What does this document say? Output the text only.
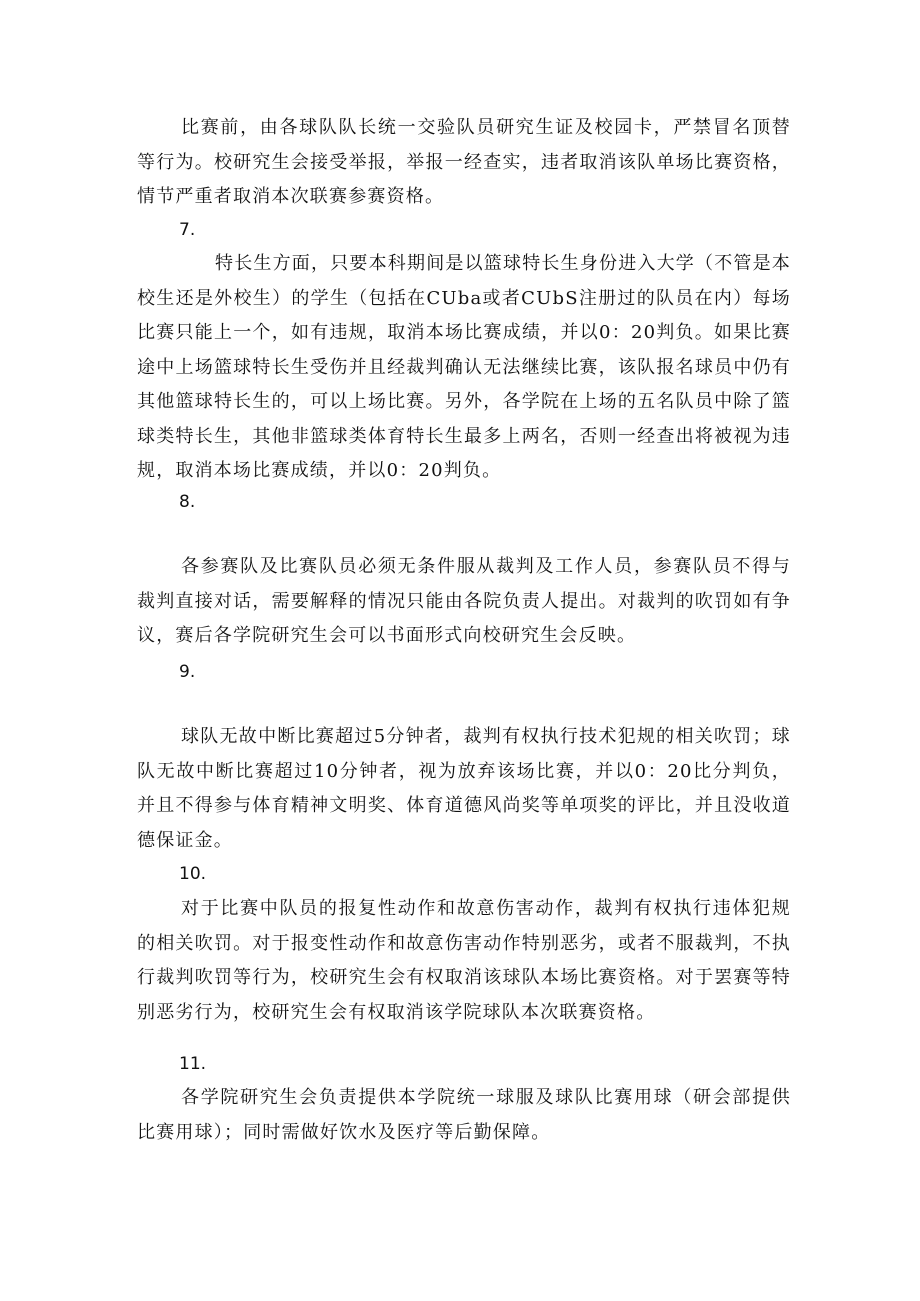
比赛前，由各球队队长统一交验队员研究生证及校园卡，严禁冒名顶替等行为。校研究生会接受举报，举报一经查实，违者取消该队单场比赛资格，情节严重者取消本次联赛参赛资格。

7.

特长生方面，只要本科期间是以篮球特长生身份进入大学（不管是本校生还是外校生）的学生（包括在CUba或者CUbS注册过的队员在内）每场比赛只能上一个，如有违规，取消本场比赛成绩，并以0：20判负。如果比赛途中上场篮球特长生受伤并且经裁判确认无法继续比赛，该队报名球员中仍有其他篮球特长生的，可以上场比赛。另外，各学院在上场的五名队员中除了篮球类特长生，其他非篮球类体育特长生最多上两名，否则一经查出将被视为违规，取消本场比赛成绩，并以0：20判负。

8.

各参赛队及比赛队员必须无条件服从裁判及工作人员，参赛队员不得与裁判直接对话，需要解释的情况只能由各院负责人提出。对裁判的吹罚如有争议，赛后各学院研究生会可以书面形式向校研究生会反映。

9.

球队无故中断比赛超过5分钟者，裁判有权执行技术犯规的相关吹罚；球队无故中断比赛超过10分钟者，视为放弃该场比赛，并以0：20比分判负，并且不得参与体育精神文明奖、体育道德风尚奖等单项奖的评比，并且没收道德保证金。

10.

对于比赛中队员的报复性动作和故意伤害动作，裁判有权执行违体犯规的相关吹罚。对于报变性动作和故意伤害动作特别恶劣，或者不服裁判，不执行裁判吹罚等行为，校研究生会有权取消该球队本场比赛资格。对于罢赛等特别恶劣行为，校研究生会有权取消该学院球队本次联赛资格。

11.

各学院研究生会负责提供本学院统一球服及球队比赛用球（研会部提供比赛用球）；同时需做好饮水及医疗等后勤保障。
